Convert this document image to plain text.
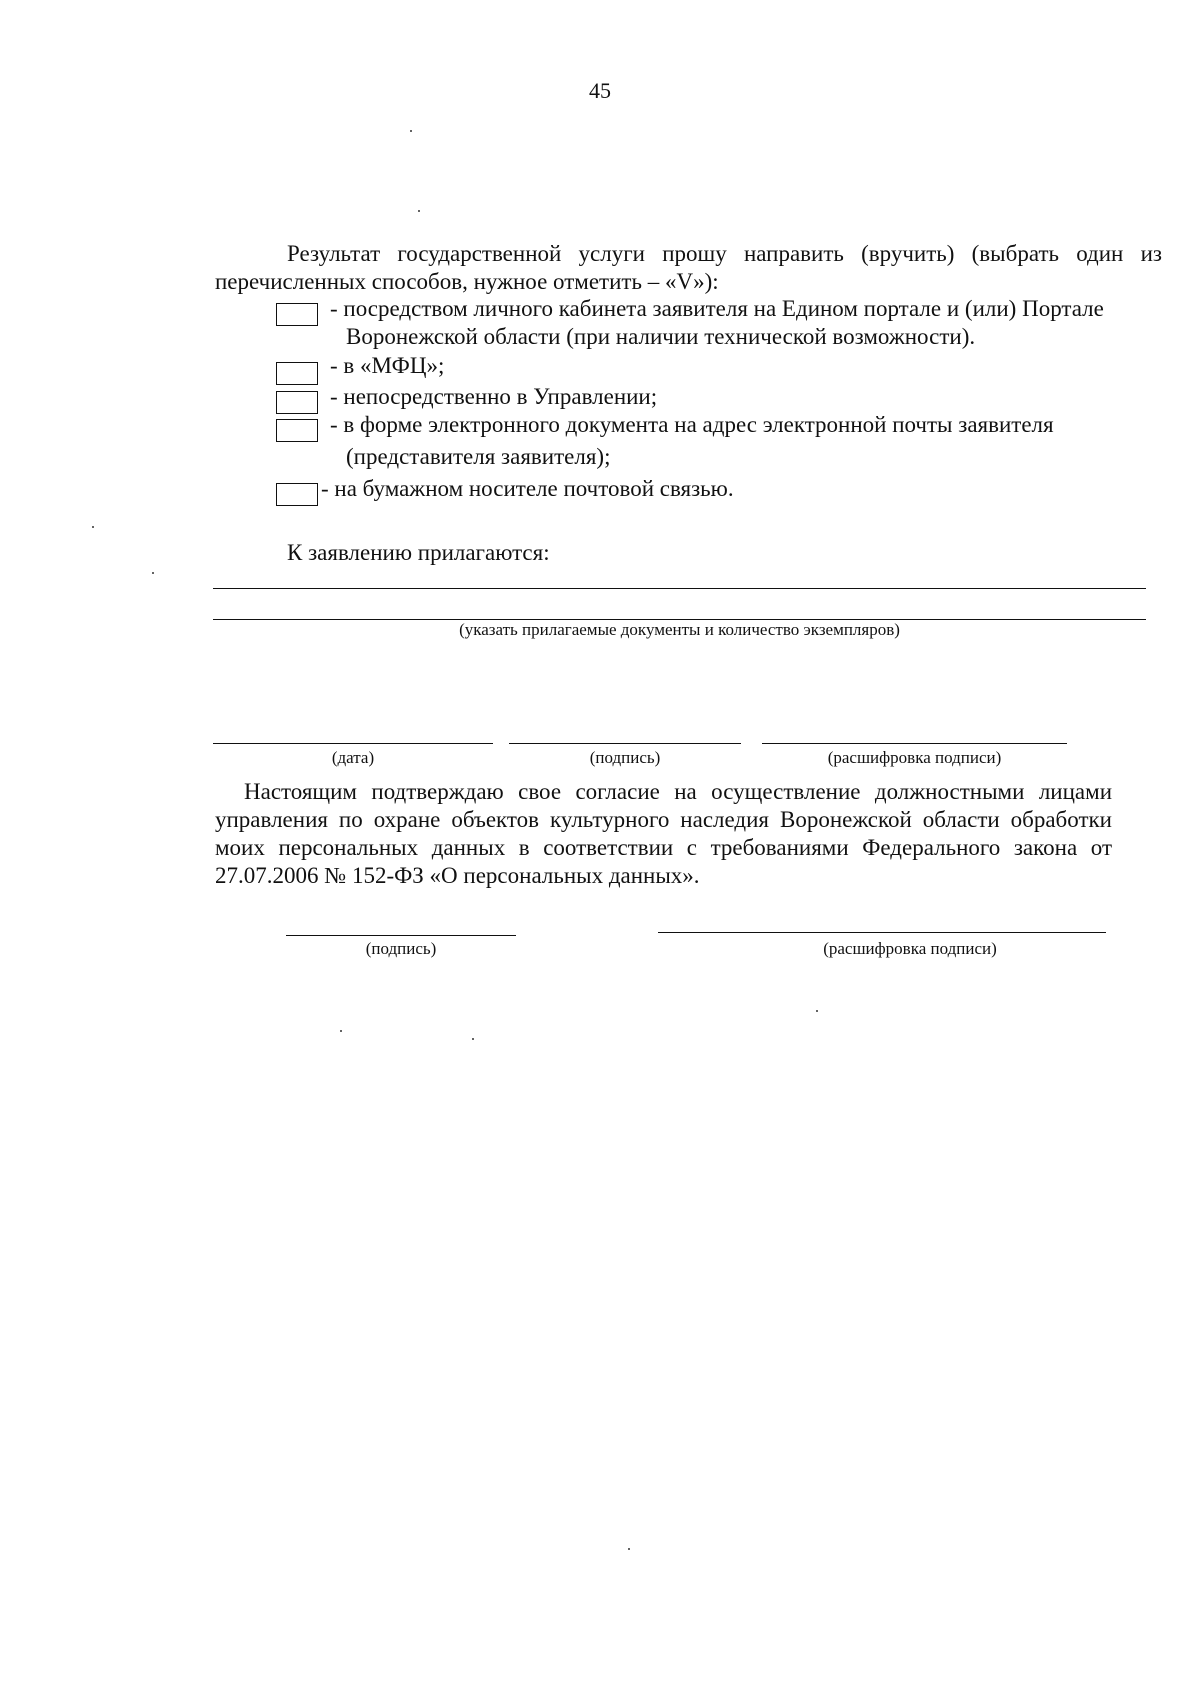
45
Результат государственной услуги прошу направить (вручить) (выбрать один из
перечисленных способов, нужное отметить – «V»):
- посредством личного кабинета заявителя на Едином портале и (или) Портале
Воронежской области (при наличии технической возможности).
- в «МФЦ»;
- непосредственно в Управлении;
- в форме электронного документа на адрес электронной почты заявителя
(представителя заявителя);
- на бумажном носителе почтовой связью.
К заявлению прилагаются:
(указать прилагаемые документы и количество экземпляров)
(дата)	(подпись)	(расшифровка подписи)
Настоящим подтверждаю свое согласие на осуществление должностными лицами
управления по охране объектов культурного наследия Воронежской области обработки
моих персональных данных в соответствии с требованиями Федерального закона от
27.07.2006 № 152-ФЗ «О персональных данных».
(подпись)	(расшифровка подписи)
